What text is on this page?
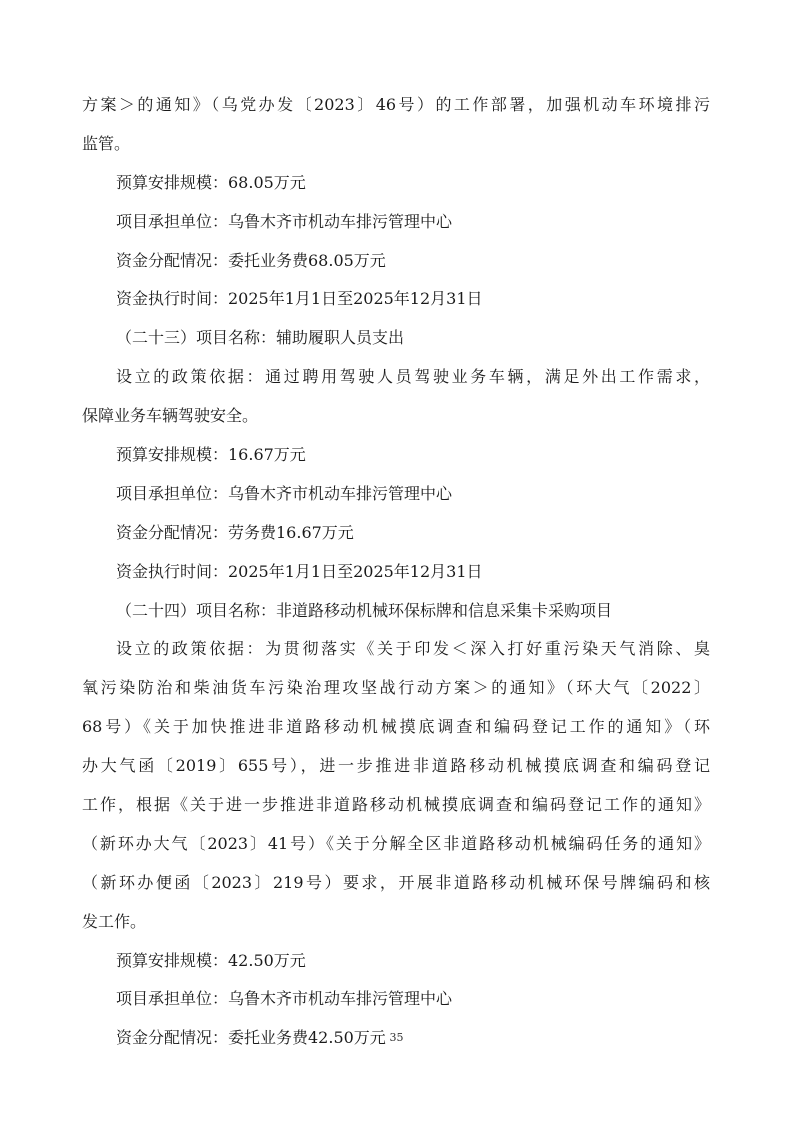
方案＞的通知》（乌党办发〔2023〕46号）的工作部署，加强机动车环境排污
监管。
预算安排规模：68.05万元
项目承担单位：乌鲁木齐市机动车排污管理中心
资金分配情况：委托业务费68.05万元
资金执行时间：2025年1月1日至2025年12月31日
（二十三）项目名称：辅助履职人员支出
设立的政策依据：通过聘用驾驶人员驾驶业务车辆，满足外出工作需求，
保障业务车辆驾驶安全。
预算安排规模：16.67万元
项目承担单位：乌鲁木齐市机动车排污管理中心
资金分配情况：劳务费16.67万元
资金执行时间：2025年1月1日至2025年12月31日
（二十四）项目名称：非道路移动机械环保标牌和信息采集卡采购项目
设立的政策依据：为贯彻落实《关于印发＜深入打好重污染天气消除、臭
氧污染防治和柴油货车污染治理攻坚战行动方案＞的通知》（环大气〔2022〕
68号）《关于加快推进非道路移动机械摸底调查和编码登记工作的通知》（环
办大气函〔2019〕655号），进一步推进非道路移动机械摸底调查和编码登记
工作，根据《关于进一步推进非道路移动机械摸底调查和编码登记工作的通知》
（新环办大气〔2023〕41号）《关于分解全区非道路移动机械编码任务的通知》
（新环办便函〔2023〕219号）要求，开展非道路移动机械环保号牌编码和核
发工作。
预算安排规模：42.50万元
项目承担单位：乌鲁木齐市机动车排污管理中心
资金分配情况：委托业务费42.50万元 35
